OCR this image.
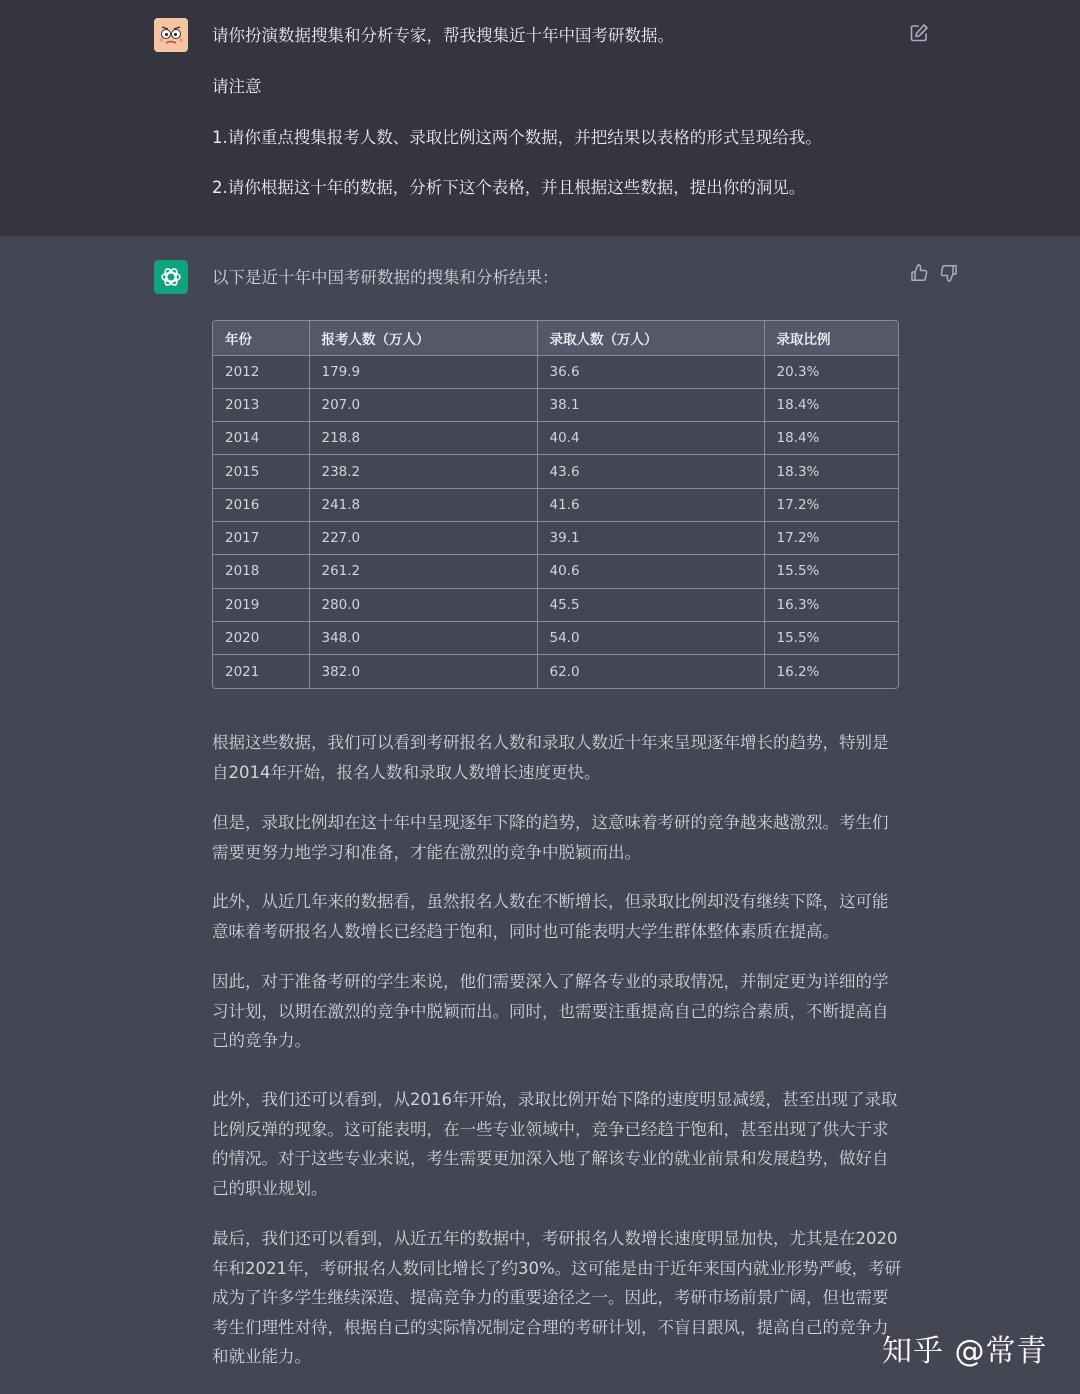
请你扮演数据搜集和分析专家，帮我搜集近十年中国考研数据。
请注意
1.请你重点搜集报考人数、录取比例这两个数据，并把结果以表格的形式呈现给我。
2.请你根据这十年的数据，分析下这个表格，并且根据这些数据，提出你的洞见。
以下是近十年中国考研数据的搜集和分析结果：
年份	报考人数（万人）	录取人数（万人）	录取比例
2012	179.9	36.6	20.3%
2013	207.0	38.1	18.4%
2014	218.8	40.4	18.4%
2015	238.2	43.6	18.3%
2016	241.8	41.6	17.2%
2017	227.0	39.1	17.2%
2018	261.2	40.6	15.5%
2019	280.0	45.5	16.3%
2020	348.0	54.0	15.5%
2021	382.0	62.0	16.2%

根据这些数据，我们可以看到考研报名人数和录取人数近十年来呈现逐年增长的趋势，特别是自2014年开始，报名人数和录取人数增长速度更快。

但是，录取比例却在这十年中呈现逐年下降的趋势，这意味着考研的竞争越来越激烈。考生们需要更努力地学习和准备，才能在激烈的竞争中脱颖而出。

此外，从近几年来的数据看，虽然报名人数在不断增长，但录取比例却没有继续下降，这可能意味着考研报名人数增长已经趋于饱和，同时也可能表明大学生群体整体素质在提高。

因此，对于准备考研的学生来说，他们需要深入了解各专业的录取情况，并制定更为详细的学习计划，以期在激烈的竞争中脱颖而出。同时，也需要注重提高自己的综合素质，不断提高自己的竞争力。

此外，我们还可以看到，从2016年开始，录取比例开始下降的速度明显减缓，甚至出现了录取比例反弹的现象。这可能表明，在一些专业领域中，竞争已经趋于饱和，甚至出现了供大于求的情况。对于这些专业来说，考生需要更加深入地了解该专业的就业前景和发展趋势，做好自己的职业规划。

最后，我们还可以看到，从近五年的数据中，考研报名人数增长速度明显加快，尤其是在2020年和2021年，考研报名人数同比增长了约30%。这可能是由于近年来国内就业形势严峻，考研成为了许多学生继续深造、提高竞争力的重要途径之一。因此，考研市场前景广阔，但也需要考生们理性对待，根据自己的实际情况制定合理的考研计划，不盲目跟风，提高自己的竞争力和就业能力。	知乎 @常青
